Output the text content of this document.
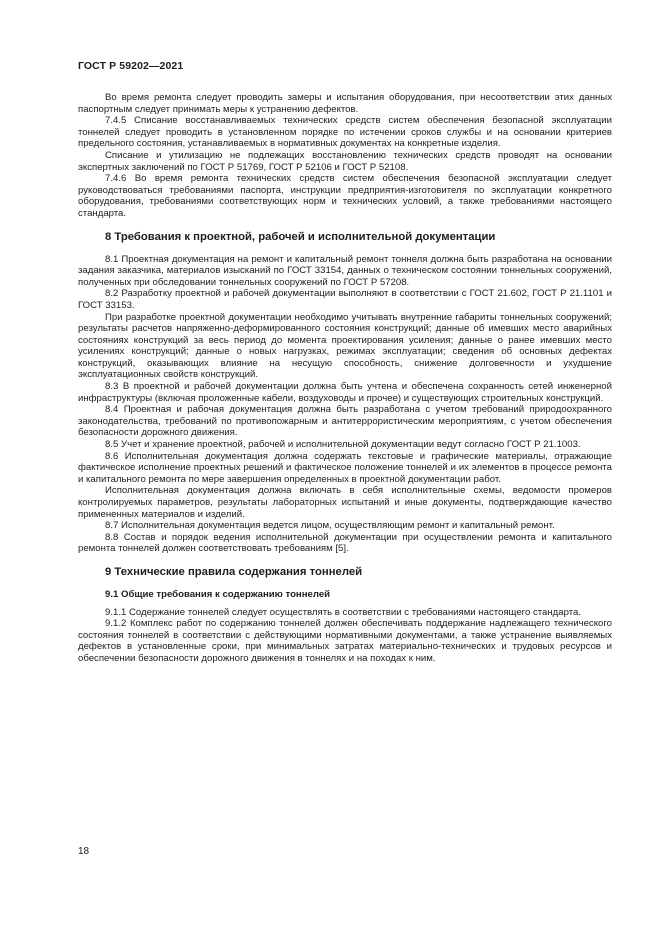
ГОСТ Р 59202—2021

Во время ремонта следует проводить замеры и испытания оборудования, при несоответствии этих данных паспортным следует принимать меры к устранению дефектов.

7.4.5 Списание восстанавливаемых технических средств систем обеспечения безопасной эксплуатации тоннелей следует проводить в установленном порядке по истечении сроков службы и на основании критериев предельного состояния, устанавливаемых в нормативных документах на конкретные изделия.

Списание и утилизацию не подлежащих восстановлению технических средств проводят на основании экспертных заключений по ГОСТ Р 51769, ГОСТ Р 52106 и ГОСТ Р 52108.

7.4.6 Во время ремонта технических средств систем обеспечения безопасной эксплуатации следует руководствоваться требованиями паспорта, инструкции предприятия-изготовителя по эксплуатации конкретного оборудования, требованиями соответствующих норм и технических условий, а также требованиями настоящего стандарта.

8 Требования к проектной, рабочей и исполнительной документации

8.1 Проектная документация на ремонт и капитальный ремонт тоннеля должна быть разработана на основании задания заказчика, материалов изысканий по ГОСТ 33154, данных о техническом состоянии тоннельных сооружений, полученных при обследовании тоннельных сооружений по ГОСТ Р 57208.

8.2 Разработку проектной и рабочей документации выполняют в соответствии с ГОСТ 21.602, ГОСТ Р 21.1101 и ГОСТ 33153.

При разработке проектной документации необходимо учитывать внутренние габариты тоннельных сооружений; результаты расчетов напряженно-деформированного состояния конструкций; данные об имевших место аварийных состояниях конструкций за весь период до момента проектирования усиления; данные о ранее имевших место усилениях конструкций; данные о новых нагрузках, режимах эксплуатации; сведения об основных дефектах конструкций, оказывающих влияние на несущую способность, снижение долговечности и ухудшение эксплуатационных свойств конструкций.

8.3 В проектной и рабочей документации должна быть учтена и обеспечена сохранность сетей инженерной инфраструктуры (включая проложенные кабели, воздуховоды и прочее) и существующих строительных конструкций.

8.4 Проектная и рабочая документация должна быть разработана с учетом требований природоохранного законодательства, требований по противопожарным и антитеррористическим мероприятиям, с учетом обеспечения безопасности дорожного движения.

8.5 Учет и хранение проектной, рабочей и исполнительной документации ведут согласно ГОСТ Р 21.1003.

8.6 Исполнительная документация должна содержать текстовые и графические материалы, отражающие фактическое исполнение проектных решений и фактическое положение тоннелей и их элементов в процессе ремонта и капитального ремонта по мере завершения определенных в проектной документации работ.

Исполнительная документация должна включать в себя исполнительные схемы, ведомости промеров контролируемых параметров, результаты лабораторных испытаний и иные документы, подтверждающие качество примененных материалов и изделий.

8.7 Исполнительная документация ведется лицом, осуществляющим ремонт и капитальный ремонт.

8.8 Состав и порядок ведения исполнительной документации при осуществлении ремонта и капитального ремонта тоннелей должен соответствовать требованиям [5].

9 Технические правила содержания тоннелей
9.1 Общие требования к содержанию тоннелей

9.1.1 Содержание тоннелей следует осуществлять в соответствии с требованиями настоящего стандарта.

9.1.2 Комплекс работ по содержанию тоннелей должен обеспечивать поддержание надлежащего технического состояния тоннелей в соответствии с действующими нормативными документами, а также устранение выявляемых дефектов в установленные сроки, при минимальных затратах материально-технических и трудовых ресурсов и обеспечении безопасности дорожного движения в тоннелях и на походах к ним.

18
